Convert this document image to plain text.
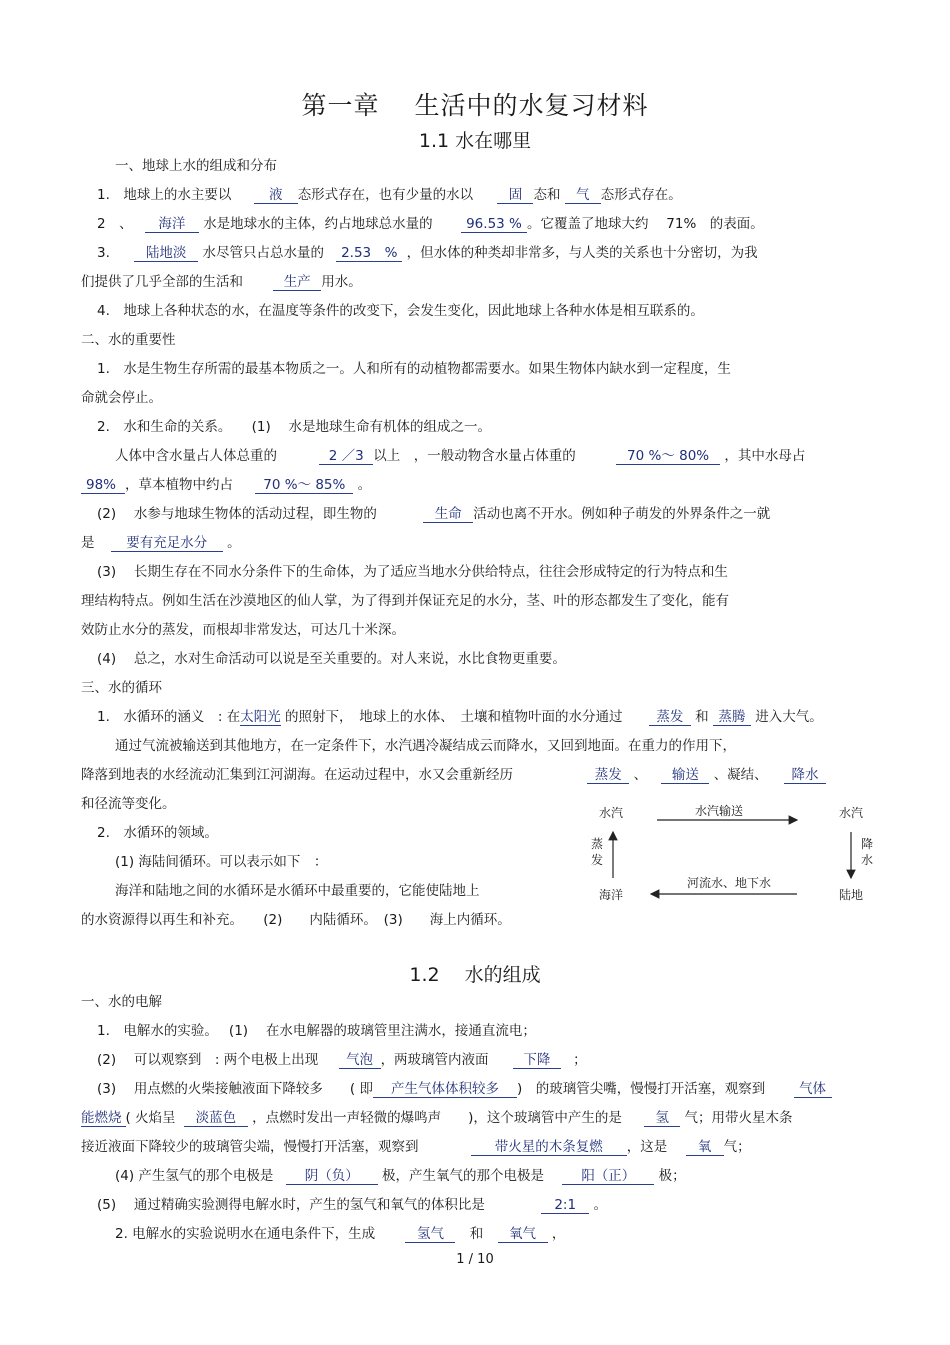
第一章　 生活中的水复习材料
1.1 水在哪里
一、地球上水的组成和分布
1.　地球上的水主要以	液 态形式存在，也有少量的水以	固 态和 气 态形式存在。
2　、 海洋 水是地球水的主体，约占地球总水量的 96.53 % 。它覆盖了地球大约　 71%　的表面。
3.	陆地淡 水尽管只占总水量的 2.53　% ，但水体的种类却非常多，与人类的关系也十分密切，为我
们提供了几乎全部的生活和	生产 用水。
4.　地球上各种状态的水，在温度等条件的改变下，会发生变化，因此地球上各种水体是相互联系的。
二、水的重要性
1.　水是生物生存所需的最基本物质之一。人和所有的动植物都需要水。如果生物体内缺水到一定程度，生
命就会停止。
2.　水和生命的关系。　　(1)　 水是地球生命有机体的组成之一。
人体中含水量占人体总重的	2 ／3 以上　，一般动物含水量占体重的	70 %～ 80% ，其中水母占
98% ，草本植物中约占 70 %～ 85% 。
(2)　 水参与地球生物体的活动过程，即生物的	生命 活动也离不开水。例如种子萌发的外界条件之一就
是 要有充足水分 。
(3)　 长期生存在不同水分条件下的生命体，为了适应当地水分供给特点，往往会形成特定的行为特点和生
理结构特点。例如生活在沙漠地区的仙人掌，为了得到并保证充足的水分，茎、叶的形态都发生了变化，能有
效防止水分的蒸发，而根却非常发达，可达几十米深。
(4)　 总之，水对生命活动可以说是至关重要的。对人来说，水比食物更重要。
三、水的循环
1.　水循环的涵义　: 在太阳光 的照射下，　地球上的水体、　土壤和植物叶面的水分通过	蒸发 和 蒸腾 进入大气。
通过气流被输送到其他地方，在一定条件下，水汽遇冷凝结成云而降水，又回到地面。在重力的作用下，
降落到地表的水经流动汇集到江河湖海。在运动过程中，水又会重新经历	蒸发 、 输送 、凝结、 降水
和径流等变化。
2.　水循环的领域。
(1) 海陆间循环。可以表示如下　：
海洋和陆地之间的水循环是水循环中最重要的，它能使陆地上
的水资源得以再生和补充。　　(2)　　内陆循环。　(3)　　海上内循环。
水汽	水汽
水汽输送
蒸发
降水
河流水、地下水
海洋	陆地
1.2　 水的组成
一、水的电解
1.　电解水的实验。　 (1)　 在水电解器的玻璃管里注满水，接通直流电；
(2)　 可以观察到　: 两个电极上出现 气泡 ，两玻璃管内液面	下降 ；
(3)　 用点燃的火柴接触液面下降较多　　( 即 产生气体体积较多 )　的玻璃管尖嘴，慢慢打开活塞，观察到	气体
能燃烧 ( 火焰呈 淡蓝色 ，点燃时发出一声轻微的爆鸣声　　)，这个玻璃管中产生的是 氢 气；用带火星木条
接近液面下降较少的玻璃管尖端，慢慢打开活塞，观察到	带火星的木条复燃 ，这是 氧 气；
(4) 产生氢气的那个电极是 阴（负） 极，产生氧气的那个电极是	阳（正） 极；
(5)　 通过精确实验测得电解水时，产生的氢气和氧气的体积比是	2:1 。
2. 电解水的实验说明水在通电条件下，生成	氢气 和 氧气 ，
1 / 10
